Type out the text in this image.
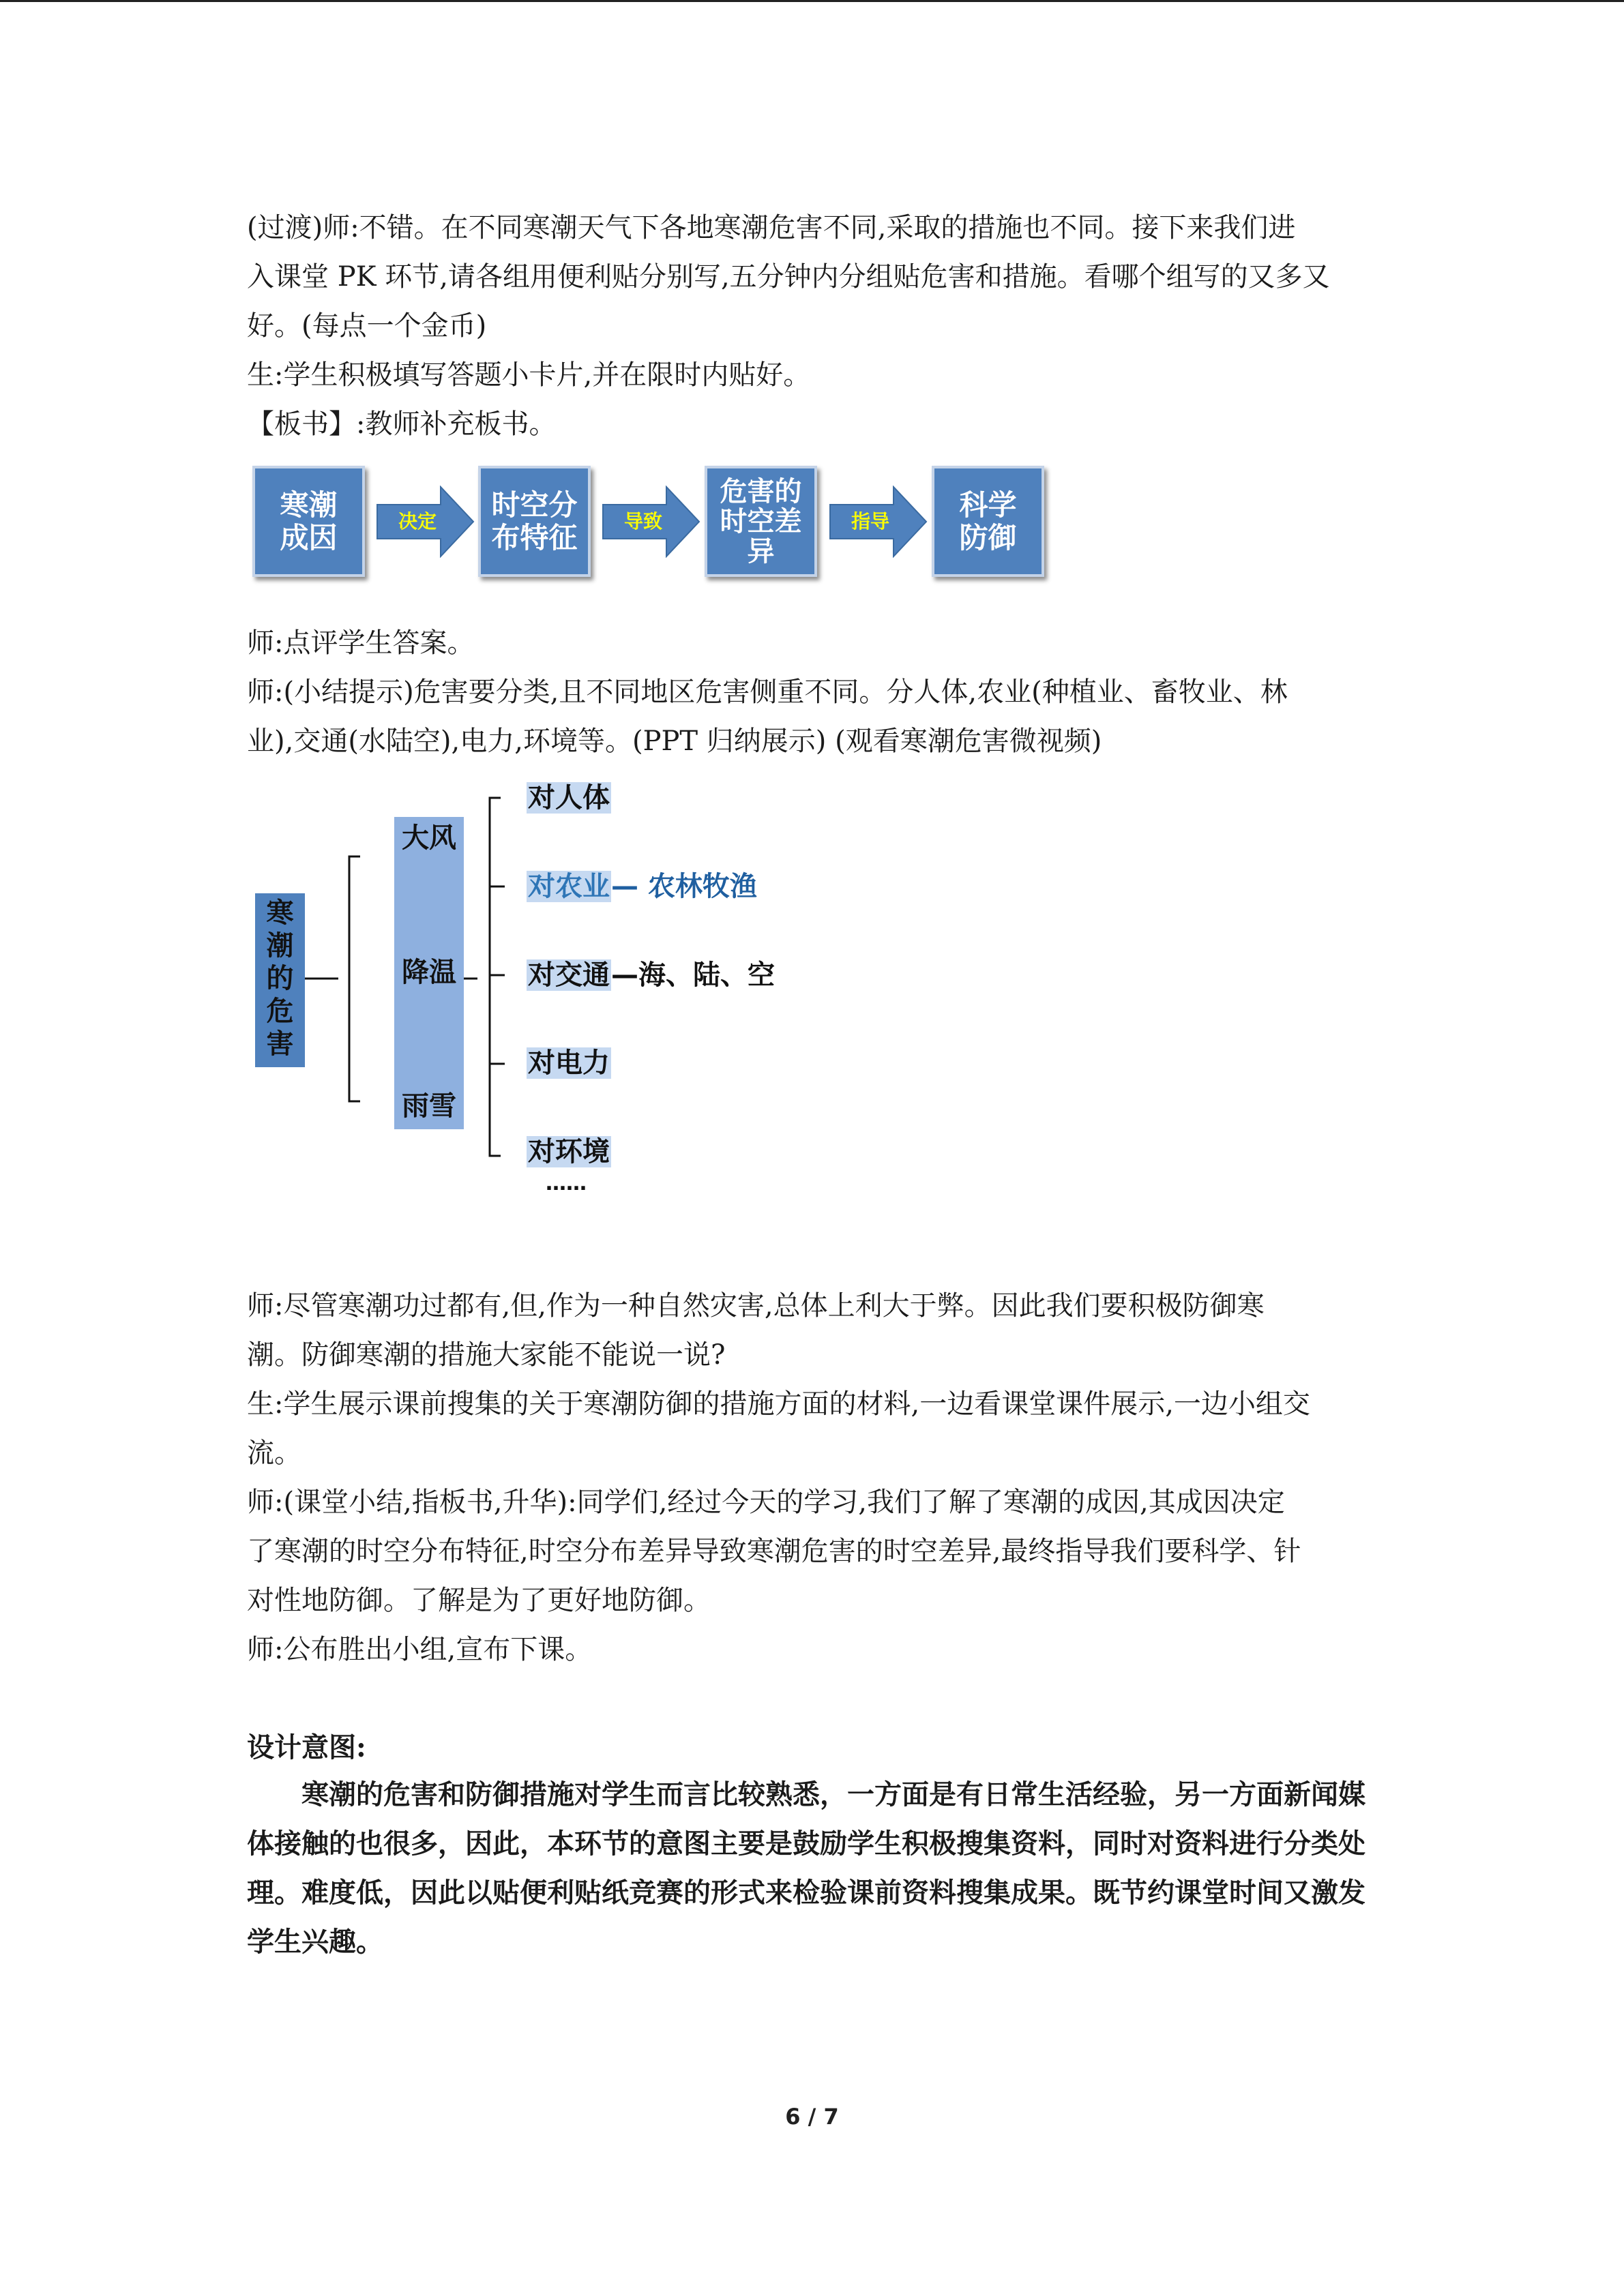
(过渡)师:不错。在不同寒潮天气下各地寒潮危害不同,采取的措施也不同。接下来我们进
入课堂 PK 环节,请各组用便利贴分别写,五分钟内分组贴危害和措施。看哪个组写的又多又
好。(每点一个金币)
生:学生积极填写答题小卡片,并在限时内贴好。
【板书】:教师补充板书。
寒潮
成因	决定	时空分
布特征	导致
危害的
时空差
异
指导	科学
防御
师:点评学生答案。
师:(小结提示)危害要分类,且不同地区危害侧重不同。分人体,农业(种植业、畜牧业、林
业),交通(水陆空),电力,环境等。(PPT 归纳展示) (观看寒潮危害微视频)
寒
潮
的
危
害
大风
降温
雨雪
对人体
对农业— 农林牧渔
对交通—海、陆、空
对电力
对环境
……
师:尽管寒潮功过都有,但,作为一种自然灾害,总体上利大于弊。因此我们要积极防御寒
潮。防御寒潮的措施大家能不能说一说?
生:学生展示课前搜集的关于寒潮防御的措施方面的材料,一边看课堂课件展示,一边小组交
流。
师:(课堂小结,指板书,升华):同学们,经过今天的学习,我们了解了寒潮的成因,其成因决定
了寒潮的时空分布特征,时空分布差异导致寒潮危害的时空差异,最终指导我们要科学、针
对性地防御。了解是为了更好地防御。
师:公布胜出小组,宣布下课。
设计意图:
寒潮的危害和防御措施对学生而言比较熟悉，一方面是有日常生活经验，另一方面新闻媒体接触的也很多，因此，本环节的意图主要是鼓励学生积极搜集资料，同时对资料进行分类处理。难度低，因此以贴便利贴纸竞赛的形式来检验课前资料搜集成果。既节约课堂时间又激发学生兴趣。
6 / 7
